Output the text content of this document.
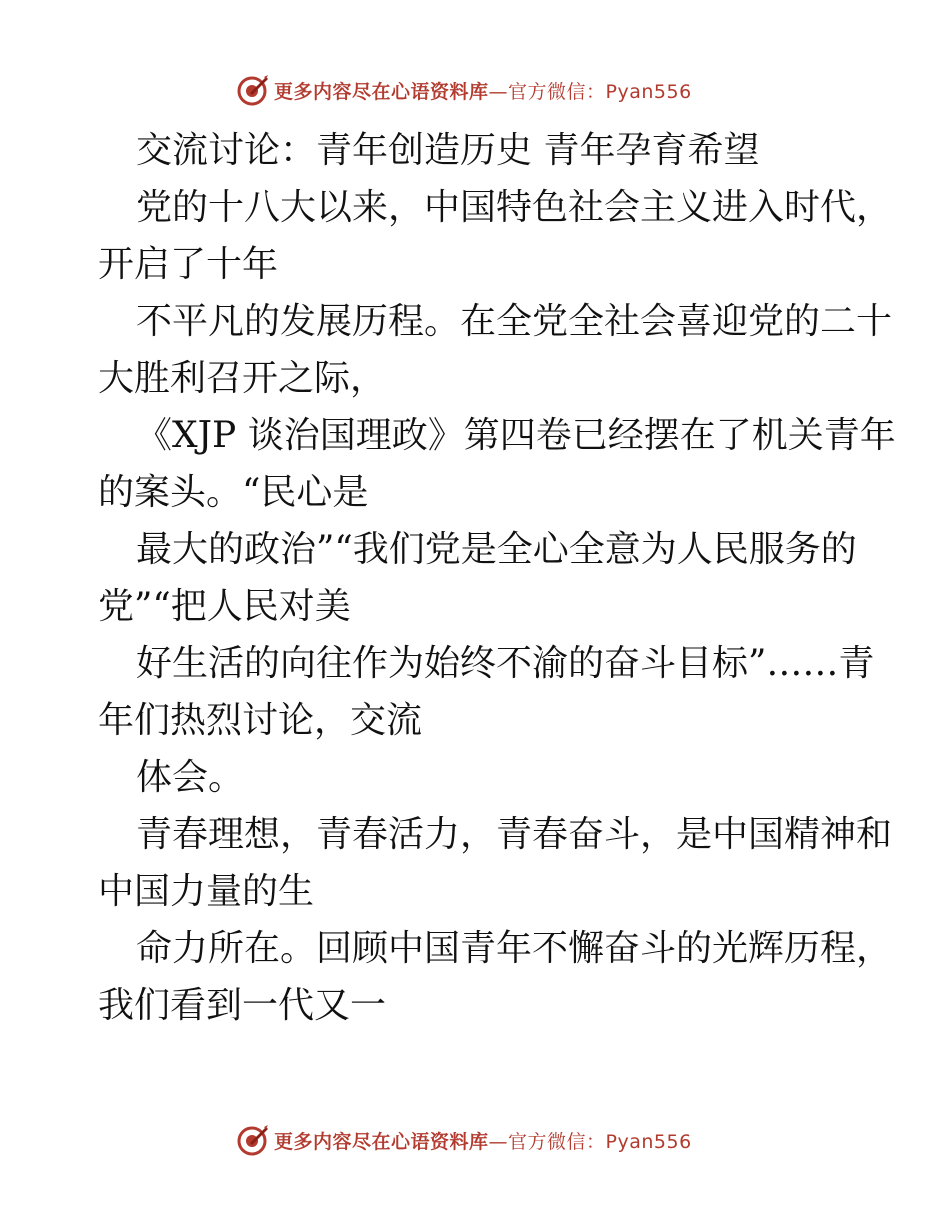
更多内容尽在心语资料库—官方微信：Pyan556
交流讨论：青年创造历史 青年孕育希望
党的十八大以来，中国特色社会主义进入时代，
开启了十年
不平凡的发展历程。在全党全社会喜迎党的二十
大胜利召开之际，
《XJP 谈治国理政》第四卷已经摆在了机关青年
的案头。“民心是
最大的政治”“我们党是全心全意为人民服务的
党”“把人民对美
好生活的向往作为始终不渝的奋斗目标”……青
年们热烈讨论，交流
体会。
青春理想，青春活力，青春奋斗，是中国精神和
中国力量的生
命力所在。回顾中国青年不懈奋斗的光辉历程，
我们看到一代又一
更多内容尽在心语资料库—官方微信：Pyan556
